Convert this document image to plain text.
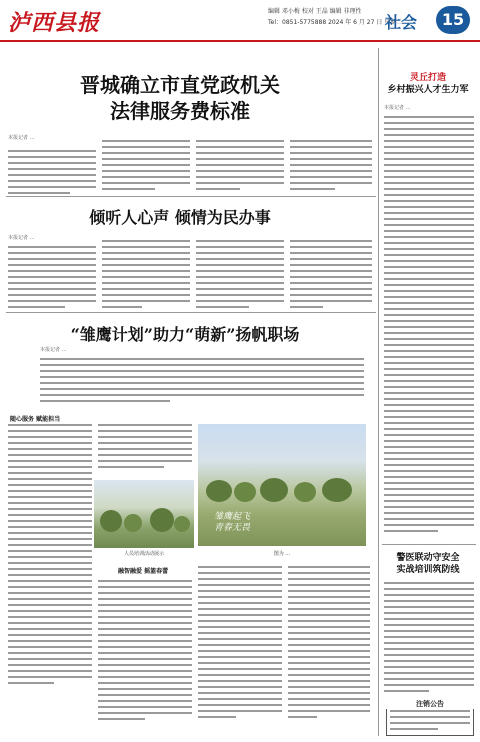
泸西县报	编辑 邓小梅 校对 王晶 编辑 非理性
Tel：0851-5775888 2024 年 6 月 27 日 星期二
社会	15
晋城确立市直党政机关
法律服务费标准
本报记者 …
倾听人心声 倾情为民办事
本报记者 …
“雏鹰计划”助力“萌新”扬帆职场
本报记者 …
随心服务 赋能担当
人员培训活动展示
雏鹰起飞
青春无畏
图为 …
融智融爱 摇篮春蕾
灵丘打造
乡村振兴人才生力军
本报记者 …
警医联动守安全
实战培训筑防线
注销公告
